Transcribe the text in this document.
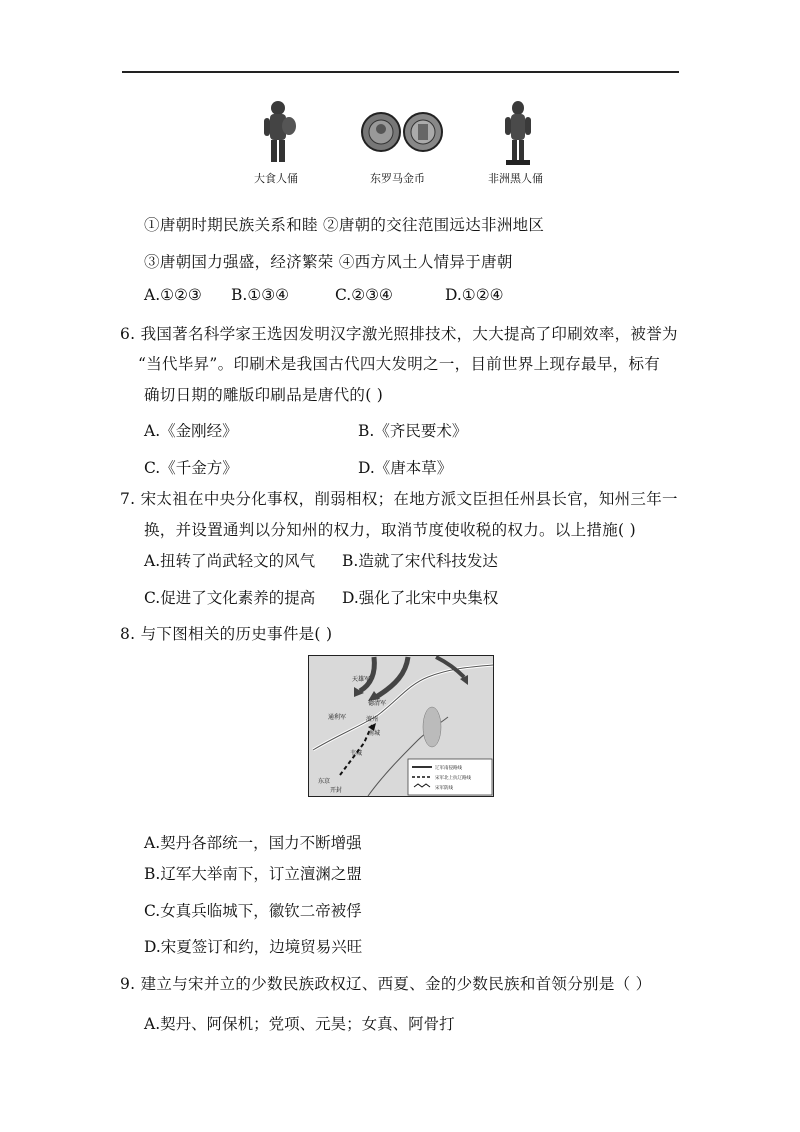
大食人俑	东罗马金币	非洲黑人俑
①唐朝时期民族关系和睦 ②唐朝的交往范围远达非洲地区
③唐朝国力强盛，经济繁荣 ④西方风土人情异于唐朝
A.①②③ B.①③④	C.②③④	D.①②④
6. 我国著名科学家王选因发明汉字激光照排技术，大大提高了印刷效率，被誉为
“当代毕昇”。印刷术是我国古代四大发明之一，目前世界上现存最早，标有
确切日期的雕版印刷品是唐代的( )
A.《金刚经》	B.《齐民要术》
C.《千金方》	D.《唐本草》
7. 宋太祖在中央分化事权，削弱相权；在地方派文臣担任州县长官，知州三年一
换，并设置通判以分知州的权力，取消节度使收税的权力。以上措施( )
A.扭转了尚武轻文的风气 B.造就了宋代科技发达
C.促进了文化素养的提高 D.强化了北宋中央集权
8. 与下图相关的历史事件是( )
天雄军
德清军
通利军	澶州
南城
韦城
东京
开封
辽军南侵路线
宋军北上抗辽路线
宋军防线
A.契丹各部统一，国力不断增强
B.辽军大举南下，订立澶渊之盟
C.女真兵临城下，徽钦二帝被俘
D.宋夏签订和约，边境贸易兴旺
9. 建立与宋并立的少数民族政权辽、西夏、金的少数民族和首领分别是（ ）
A.契丹、阿保机；党项、元昊；女真、阿骨打
